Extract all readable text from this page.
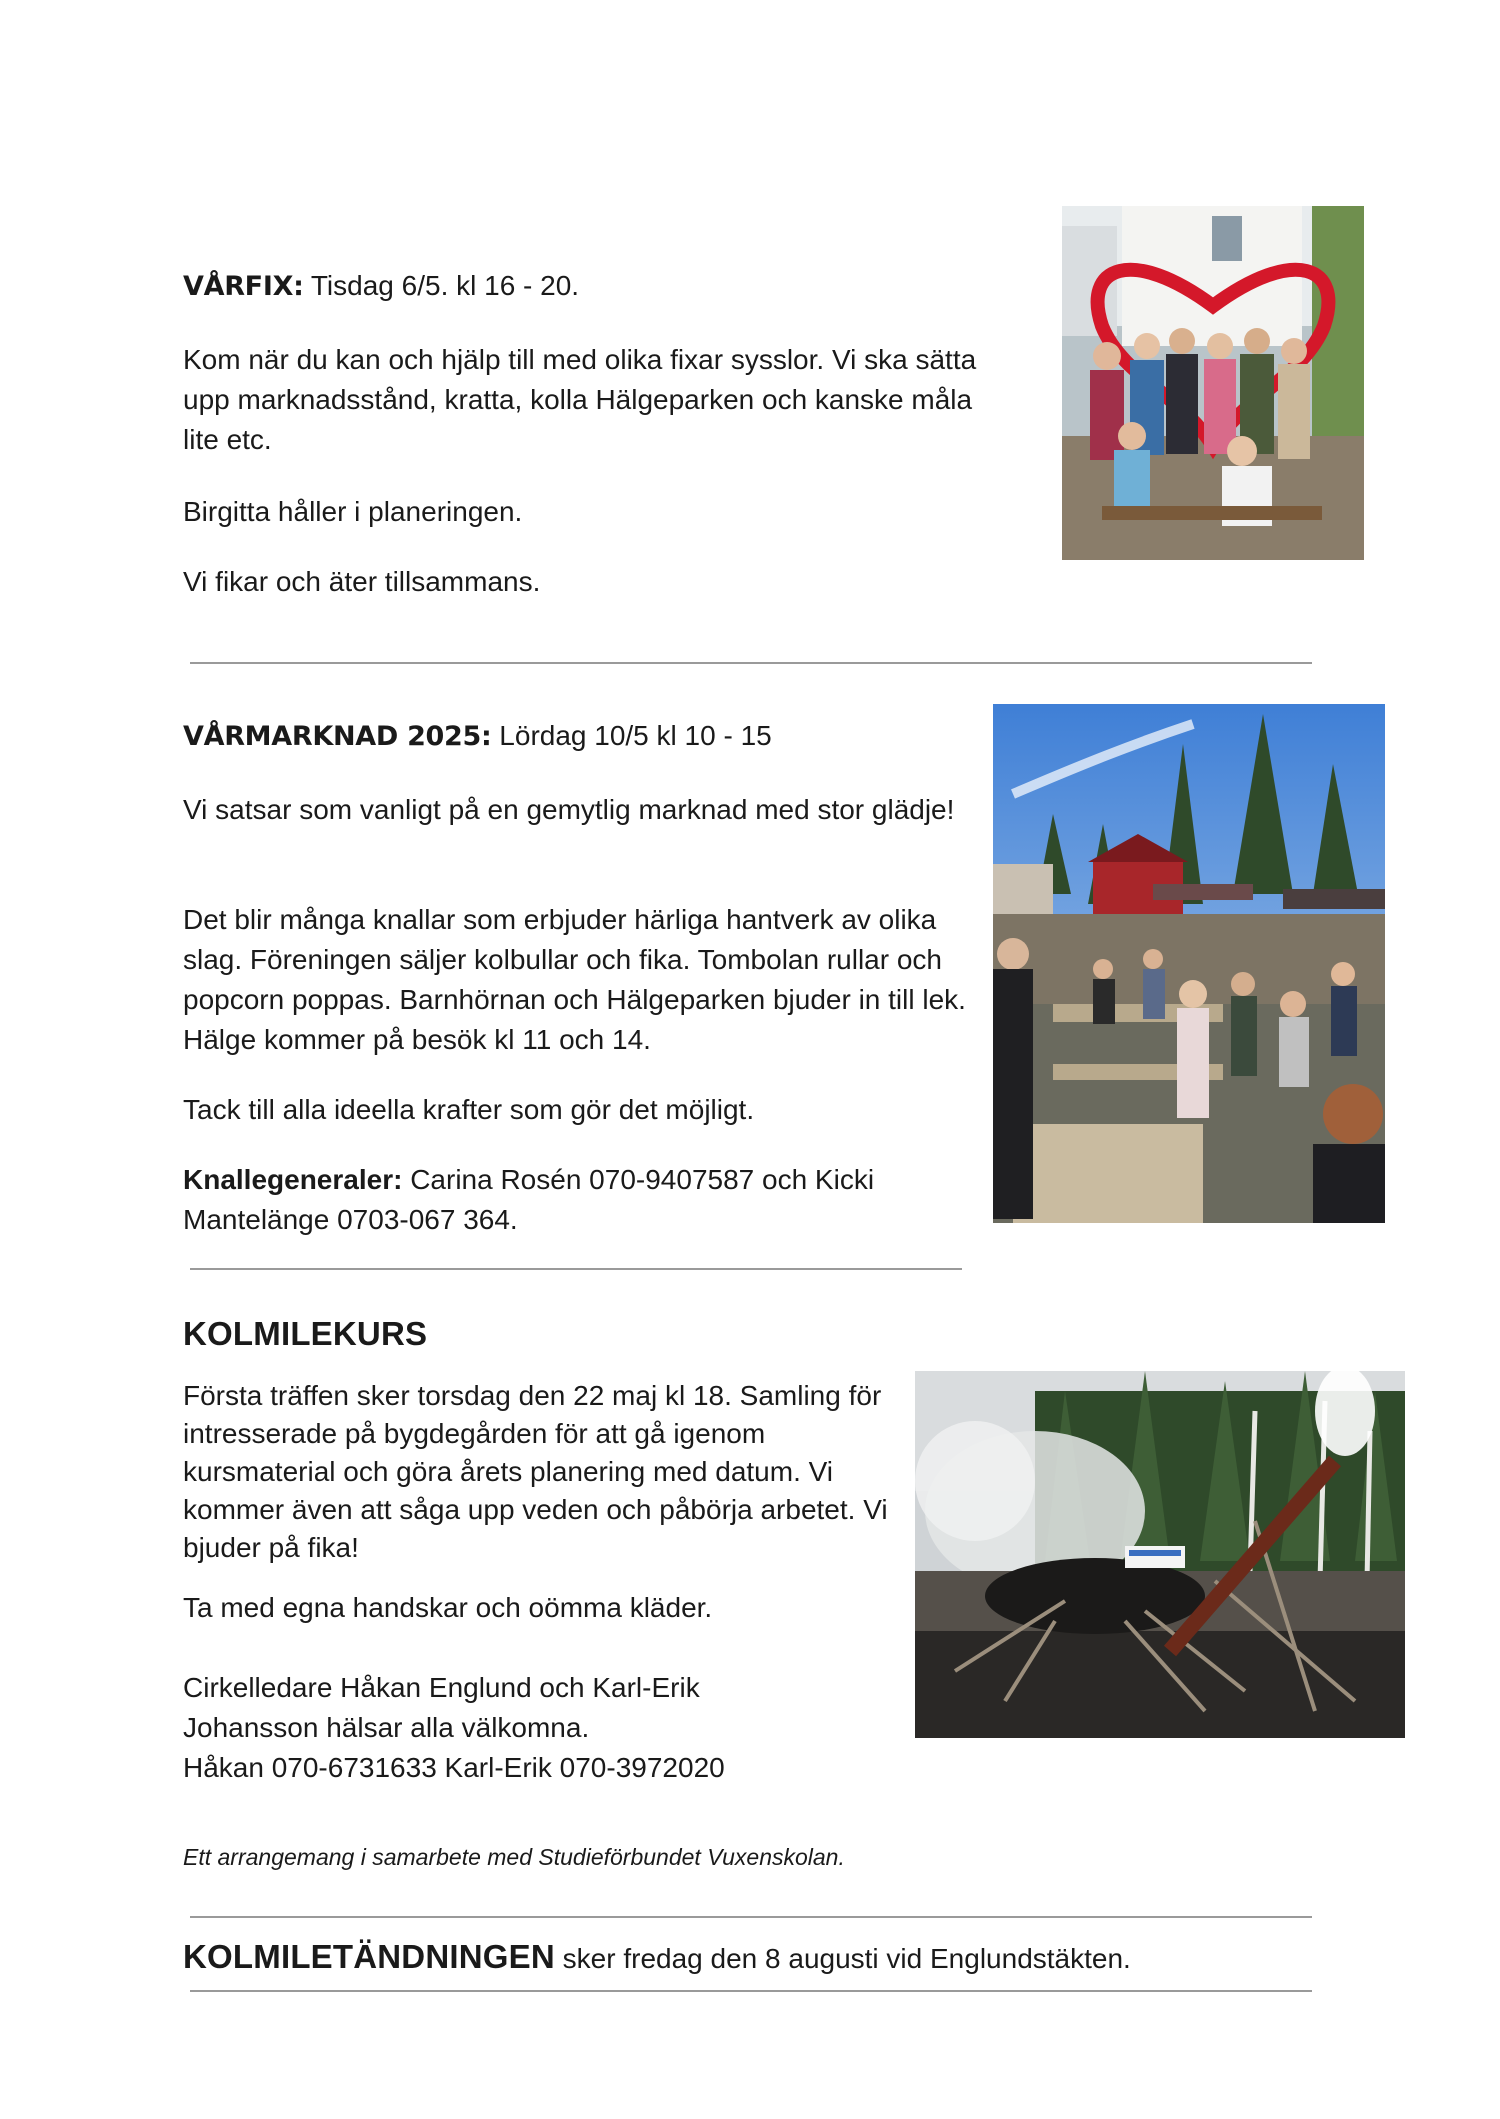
VÅRFIX: Tisdag 6/5. kl 16 - 20.

Kom när du kan och hjälp till med olika fixar sysslor. Vi ska sätta upp marknadsstånd, kratta, kolla Hälgeparken och kanske måla lite etc.

Birgitta håller i planeringen.

Vi fikar och äter tillsammans.

VÅRMARKNAD 2025: Lördag 10/5 kl 10 - 15

Vi satsar som vanligt på en gemytlig marknad med stor glädje!

Det blir många knallar som erbjuder härliga hantverk av olika slag. Föreningen säljer kolbullar och fika. Tombolan rullar och popcorn poppas. Barnhörnan och Hälgeparken bjuder in till lek. Hälge kommer på besök kl 11 och 14.

Tack till alla ideella krafter som gör det möjligt.

Knallegeneraler: Carina Rosén 070-9407587 och Kicki Mantelänge 0703-067 364.

KOLMILEKURS

Första träffen sker torsdag den 22 maj kl 18. Samling för intresserade på bygdegården för att gå igenom kursmaterial och göra årets planering med datum. Vi kommer även att såga upp veden och påbörja arbetet. Vi bjuder på fika!

Ta med egna handskar och oömma kläder.

Cirkelledare Håkan Englund och Karl-Erik

Johansson hälsar alla välkomna.

Håkan 070-6731633 Karl-Erik 070-3972020

Ett arrangemang i samarbete med Studieförbundet Vuxenskolan.

KOLMILETÄNDNINGEN sker fredag den 8 augusti vid Englundstäkten.
